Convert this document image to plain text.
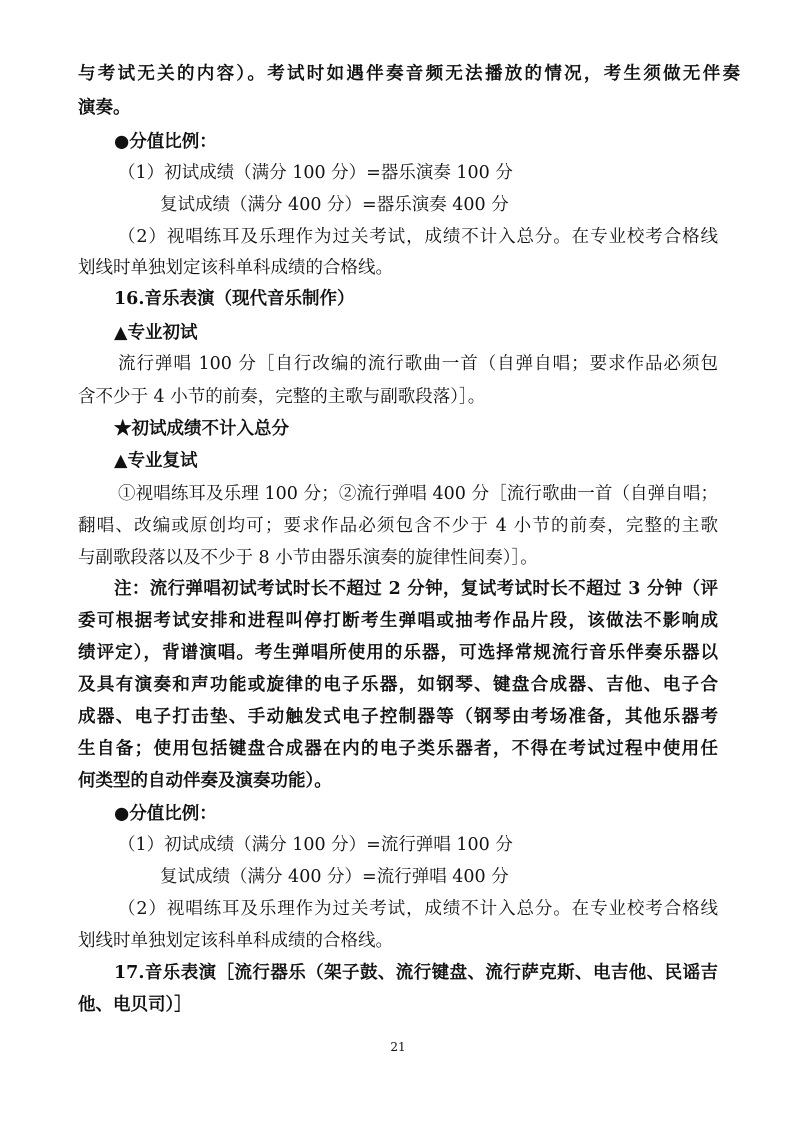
与考试无关的内容）。考试时如遇伴奏音频无法播放的情况，考生须做无伴奏
演奏。
●分值比例：
（1）初试成绩（满分 100 分）=器乐演奏 100 分
复试成绩（满分 400 分）=器乐演奏 400 分
（2）视唱练耳及乐理作为过关考试，成绩不计入总分。在专业校考合格线
划线时单独划定该科单科成绩的合格线。
16.音乐表演（现代音乐制作）
▲专业初试
流行弹唱 100 分［自行改编的流行歌曲一首（自弹自唱；要求作品必须包
含不少于 4 小节的前奏，完整的主歌与副歌段落）］。
★初试成绩不计入总分
▲专业复试
①视唱练耳及乐理 100 分；②流行弹唱 400 分［流行歌曲一首（自弹自唱；
翻唱、改编或原创均可；要求作品必须包含不少于 4 小节的前奏，完整的主歌
与副歌段落以及不少于 8 小节由器乐演奏的旋律性间奏）］。
注：流行弹唱初试考试时长不超过 2 分钟，复试考试时长不超过 3 分钟（评
委可根据考试安排和进程叫停打断考生弹唱或抽考作品片段，该做法不影响成
绩评定），背谱演唱。考生弹唱所使用的乐器，可选择常规流行音乐伴奏乐器以
及具有演奏和声功能或旋律的电子乐器，如钢琴、键盘合成器、吉他、电子合
成器、电子打击垫、手动触发式电子控制器等（钢琴由考场准备，其他乐器考
生自备；使用包括键盘合成器在内的电子类乐器者，不得在考试过程中使用任
何类型的自动伴奏及演奏功能）。
●分值比例：
（1）初试成绩（满分 100 分）=流行弹唱 100 分
复试成绩（满分 400 分）=流行弹唱 400 分
（2）视唱练耳及乐理作为过关考试，成绩不计入总分。在专业校考合格线
划线时单独划定该科单科成绩的合格线。
17.音乐表演［流行器乐（架子鼓、流行键盘、流行萨克斯、电吉他、民谣吉
他、电贝司）］
21
